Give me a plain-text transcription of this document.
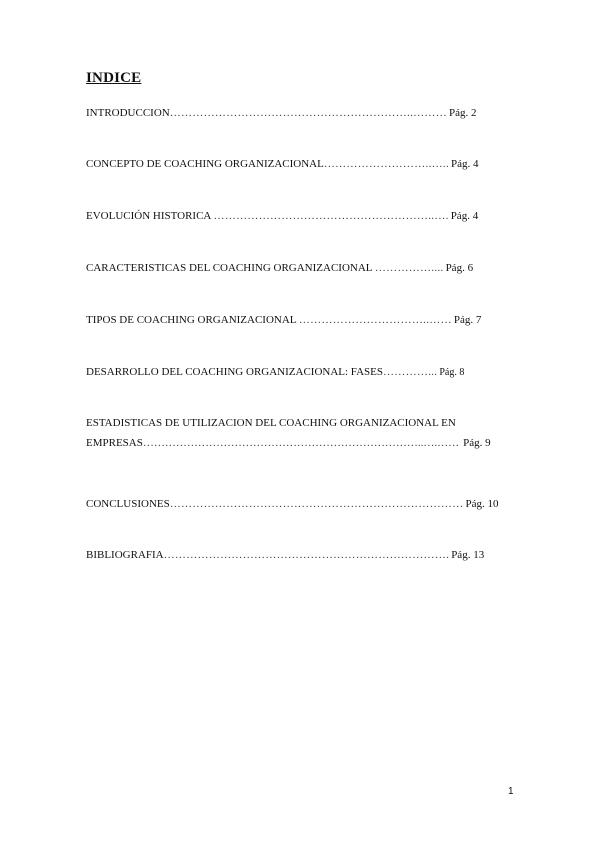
INDICE
INTRODUCCION………………………………………………………..……… Pág. 2
CONCEPTO DE COACHING ORGANIZACIONAL………………………..….. Pág. 4
EVOLUCIÓN HISTORICA …………………………………………………..…. Pág. 4
CARACTERISTICAS DEL COACHING ORGANIZACIONAL …………….... Pág. 6
TIPOS DE COACHING ORGANIZACIONAL ……………………………..…… Pág. 7
DESARROLLO DEL COACHING ORGANIZACIONAL: FASES…………... Pág. 8
ESTADISTICAS DE UTILIZACION DEL COACHING ORGANIZACIONAL EN
EMPRESAS…………………………………………………………………..….…… Pág. 9
CONCLUSIONES…………………………………………………………………… Pág. 10
BIBLIOGRAFIA…………………………………………………………………. Pág. 13
1
